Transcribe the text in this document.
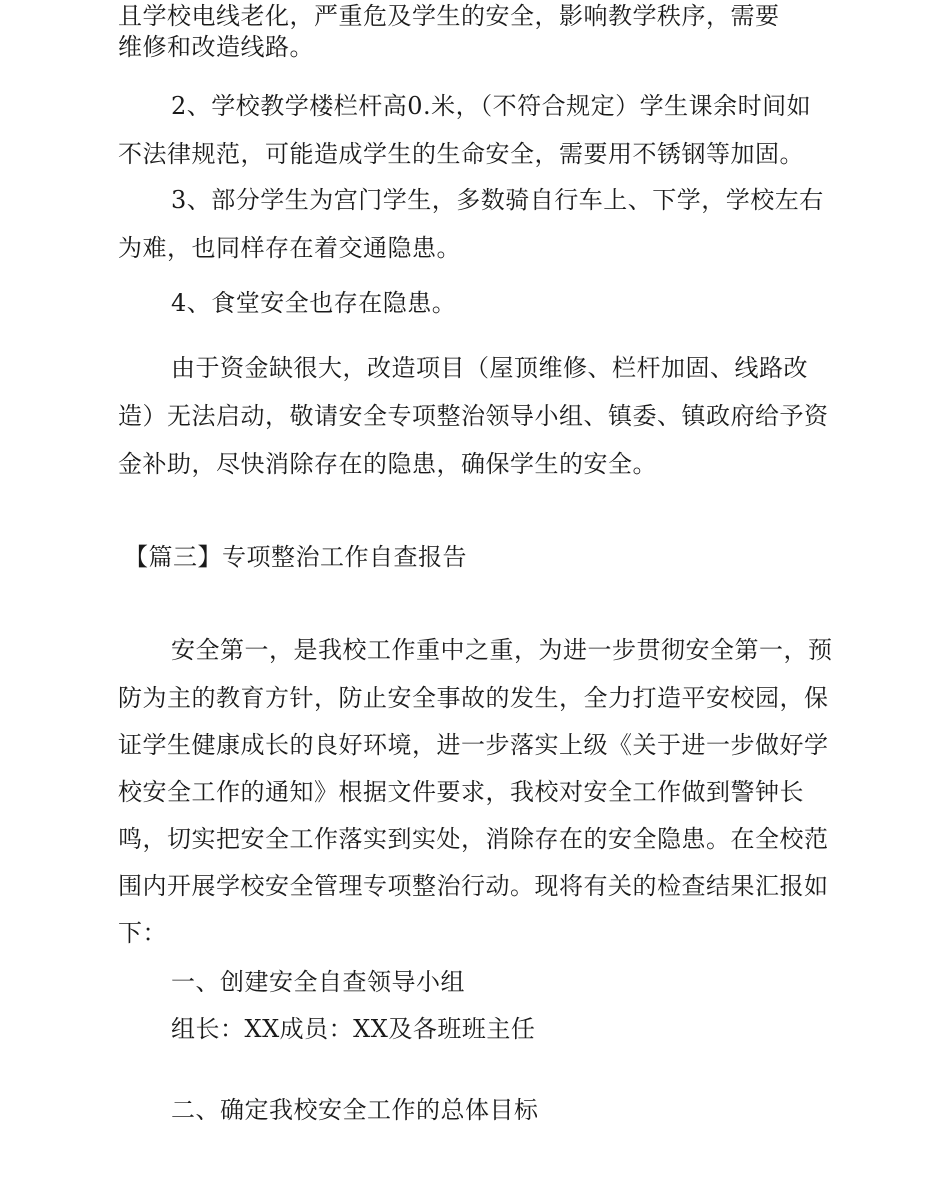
且学校电线老化，严重危及学生的安全，影响教学秩序，需要
维修和改造线路。
2、学校教学楼栏杆高0.米，（不符合规定）学生课余时间如
不法律规范，可能造成学生的生命安全，需要用不锈钢等加固。
3、部分学生为宫门学生，多数骑自行车上、下学，学校左右
为难，也同样存在着交通隐患。
4、食堂安全也存在隐患。
由于资金缺很大，改造项目（屋顶维修、栏杆加固、线路改
造）无法启动，敬请安全专项整治领导小组、镇委、镇政府给予资
金补助，尽快消除存在的隐患，确保学生的安全。
【篇三】专项整治工作自查报告
安全第一，是我校工作重中之重，为进一步贯彻安全第一，预
防为主的教育方针，防止安全事故的发生，全力打造平安校园，保
证学生健康成长的良好环境，进一步落实上级《关于进一步做好学
校安全工作的通知》根据文件要求，我校对安全工作做到警钟长
鸣，切实把安全工作落实到实处，消除存在的安全隐患。在全校范
围内开展学校安全管理专项整治行动。现将有关的检查结果汇报如
下：
一、创建安全自查领导小组
组长：XX成员：XX及各班班主任
二、确定我校安全工作的总体目标
